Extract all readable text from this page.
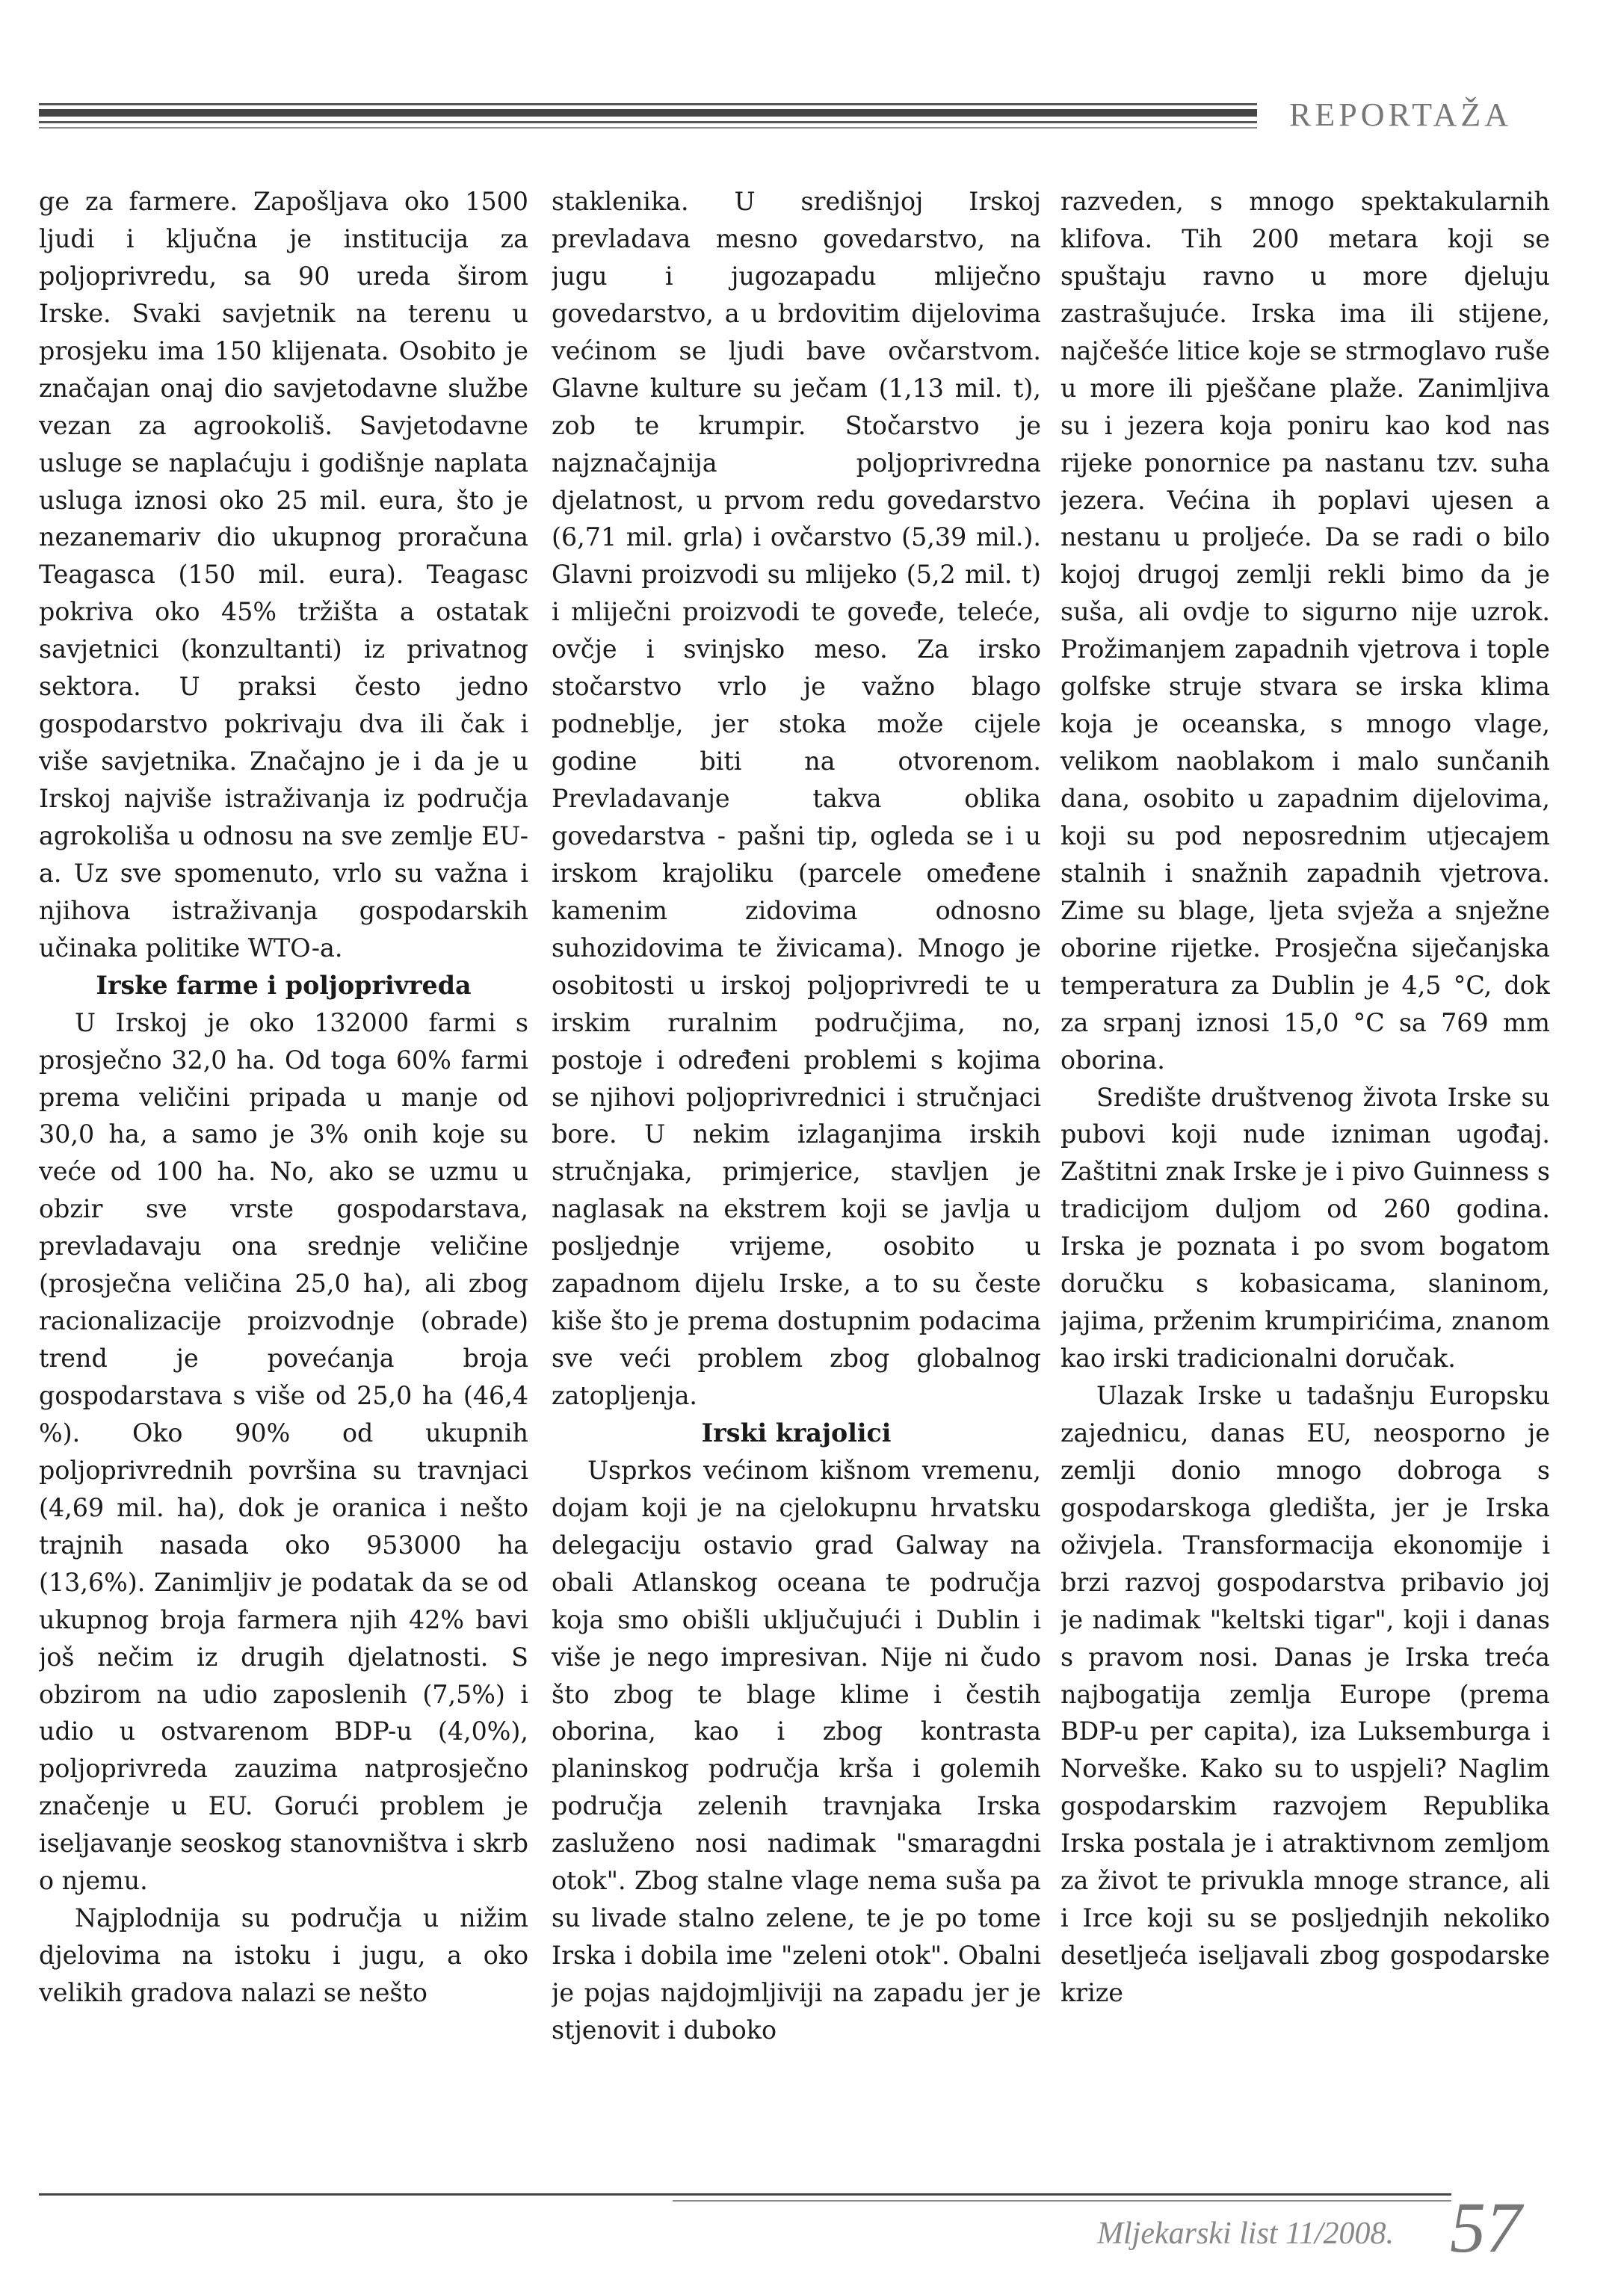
REPORTAŽA

ge za farmere. Zapošljava oko 1500 ljudi i ključna je institucija za poljoprivredu, sa 90 ureda širom Irske. Svaki savjetnik na terenu u prosjeku ima 150 klijenata. Osobito je značajan onaj dio savjetodavne službe vezan za agrookoliš. Savjetodavne usluge se naplaćuju i godišnje naplata usluga iznosi oko 25 mil. eura, što je nezanemariv dio ukupnog proračuna Teagasca (150 mil. eura). Teagasc pokriva oko 45% tržišta a ostatak savjetnici (konzultanti) iz privatnog sektora. U praksi često jedno gospodarstvo pokrivaju dva ili čak i više savjetnika. Značajno je i da je u Irskoj najviše istraživanja iz područja agrokoliša u odnosu na sve zemlje EU-a. Uz sve spomenuto, vrlo su važna i njihova istraživanja gospodarskih učinaka politike WTO-a.

Irske farme i poljoprivreda

U Irskoj je oko 132000 farmi s prosječno 32,0 ha. Od toga 60% farmi prema veličini pripada u manje od 30,0 ha, a samo je 3% onih koje su veće od 100 ha. No, ako se uzmu u obzir sve vrste gospodarstava, prevladavaju ona srednje veličine (prosječna veličina 25,0 ha), ali zbog racionalizacije proizvodnje (obrade) trend je povećanja broja gospodarstava s više od 25,0 ha (46,4 %). Oko 90% od ukupnih poljoprivrednih površina su travnjaci (4,69 mil. ha), dok je oranica i nešto trajnih nasada oko 953000 ha (13,6%). Zanimljiv je podatak da se od ukupnog broja farmera njih 42% bavi još nečim iz drugih djelatnosti. S obzirom na udio zaposlenih (7,5%) i udio u ostvarenom BDP-u (4,0%), poljoprivreda zauzima natprosječno značenje u EU. Gorući problem je iseljavanje seoskog stanovništva i skrb o njemu.

Najplodnija su područja u nižim djelovima na istoku i jugu, a oko velikih gradova nalazi se nešto

staklenika. U središnjoj Irskoj prevladava mesno govedarstvo, na jugu i jugozapadu mliječno govedarstvo, a u brdovitim dijelovima većinom se ljudi bave ovčarstvom. Glavne kulture su ječam (1,13 mil. t), zob te krumpir. Stočarstvo je najznačajnija poljoprivredna djelatnost, u prvom redu govedarstvo (6,71 mil. grla) i ovčarstvo (5,39 mil.). Glavni proizvodi su mlijeko (5,2 mil. t) i mliječni proizvodi te govеđe, teleće, ovčje i svinjsko meso. Za irsko stočarstvo vrlo je važno blago podneblje, jer stoka može cijele godine biti na otvorenom. Prevladavanje takva oblika govedarstva - pašni tip, ogleda se i u irskom krajoliku (parcele omeđene kamenim zidovima odnosno suhozidovima te živicama). Mnogo je osobitosti u irskoj poljoprivredi te u irskim ruralnim područjima, no, postoje i određeni problemi s kojima se njihovi poljoprivrednici i stručnjaci bore. U nekim izlaganjima irskih stručnjaka, primjerice, stavljen je naglasak na ekstrem koji se javlja u posljednje vrijeme, osobito u zapadnom dijelu Irske, a to su česte kiše što je prema dostupnim podacima sve veći problem zbog globalnog zatopljenja.

Irski krajolici

Usprkos većinom kišnom vremenu, dojam koji je na cjelokupnu hrvatsku delegaciju ostavio grad Galway na obali Atlanskog oceana te područja koja smo obišli uključujući i Dublin i više je nego impresivan. Nije ni čudo što zbog te blage klime i čestih oborina, kao i zbog kontrasta planinskog područja krša i golemih područja zelenih travnjaka Irska zasluženo nosi nadimak "smaragdni otok". Zbog stalne vlage nema suša pa su livade stalno zelene, te je po tome Irska i dobila ime "zeleni otok". Obalni je pojas najdojmljiviji na zapadu jer je stjenovit i duboko

razveden, s mnogo spektakularnih klifova. Tih 200 metara koji se spuštaju ravno u more djeluju zastrašujuće. Irska ima ili stijene, najčešće litice koje se strmoglavo ruše u more ili pješčane plaže. Zanimljiva su i jezera koja poniru kao kod nas rijeke ponornice pa nastanu tzv. suha jezera. Većina ih poplavi ujesen a nestanu u proljeće. Da se radi o bilo kojoj drugoj zemlji rekli bimo da je suša, ali ovdje to sigurno nije uzrok. Prožimanjem zapadnih vjetrova i tople golfske struje stvara se irska klima koja je oceanska, s mnogo vlage, velikom naoblakom i malo sunčanih dana, osobito u zapadnim dijelovima, koji su pod neposrednim utjecajem stalnih i snažnih zapadnih vjetrova. Zime su blage, ljeta svježa a snježne oborine rijetke. Prosječna siječanjska temperatura za Dublin je 4,5 °C, dok za srpanj iznosi 15,0 °C sa 769 mm oborina.

Središte društvenog života Irske su pubovi koji nude izniman ugođaj. Zaštitni znak Irske je i pivo Guinness s tradicijom duljom od 260 godina. Irska je poznata i po svom bogatom doručku s kobasicama, slaninom, jajima, prženim krumpirićima, znanom kao irski tradicionalni doručak.

Ulazak Irske u tadašnju Europsku zajednicu, danas EU, neosporno je zemlji donio mnogo dobroga s gospodarskoga gledišta, jer je Irska oživjela. Transformacija ekonomije i brzi razvoj gospodarstva pribavio joj je nadimak "keltski tigar", koji i danas s pravom nosi. Danas je Irska treća najbogatija zemlja Europe (prema BDP-u per capita), iza Luksemburga i Norveške. Kako su to uspjeli? Naglim gospodarskim razvojem Republika Irska postala je i atraktivnom zemljom za život te privukla mnoge strance, ali i Irce koji su se posljednjih nekoliko desetljeća iseljavali zbog gospodarske krize

Mljekarski list 11/2008. 57
